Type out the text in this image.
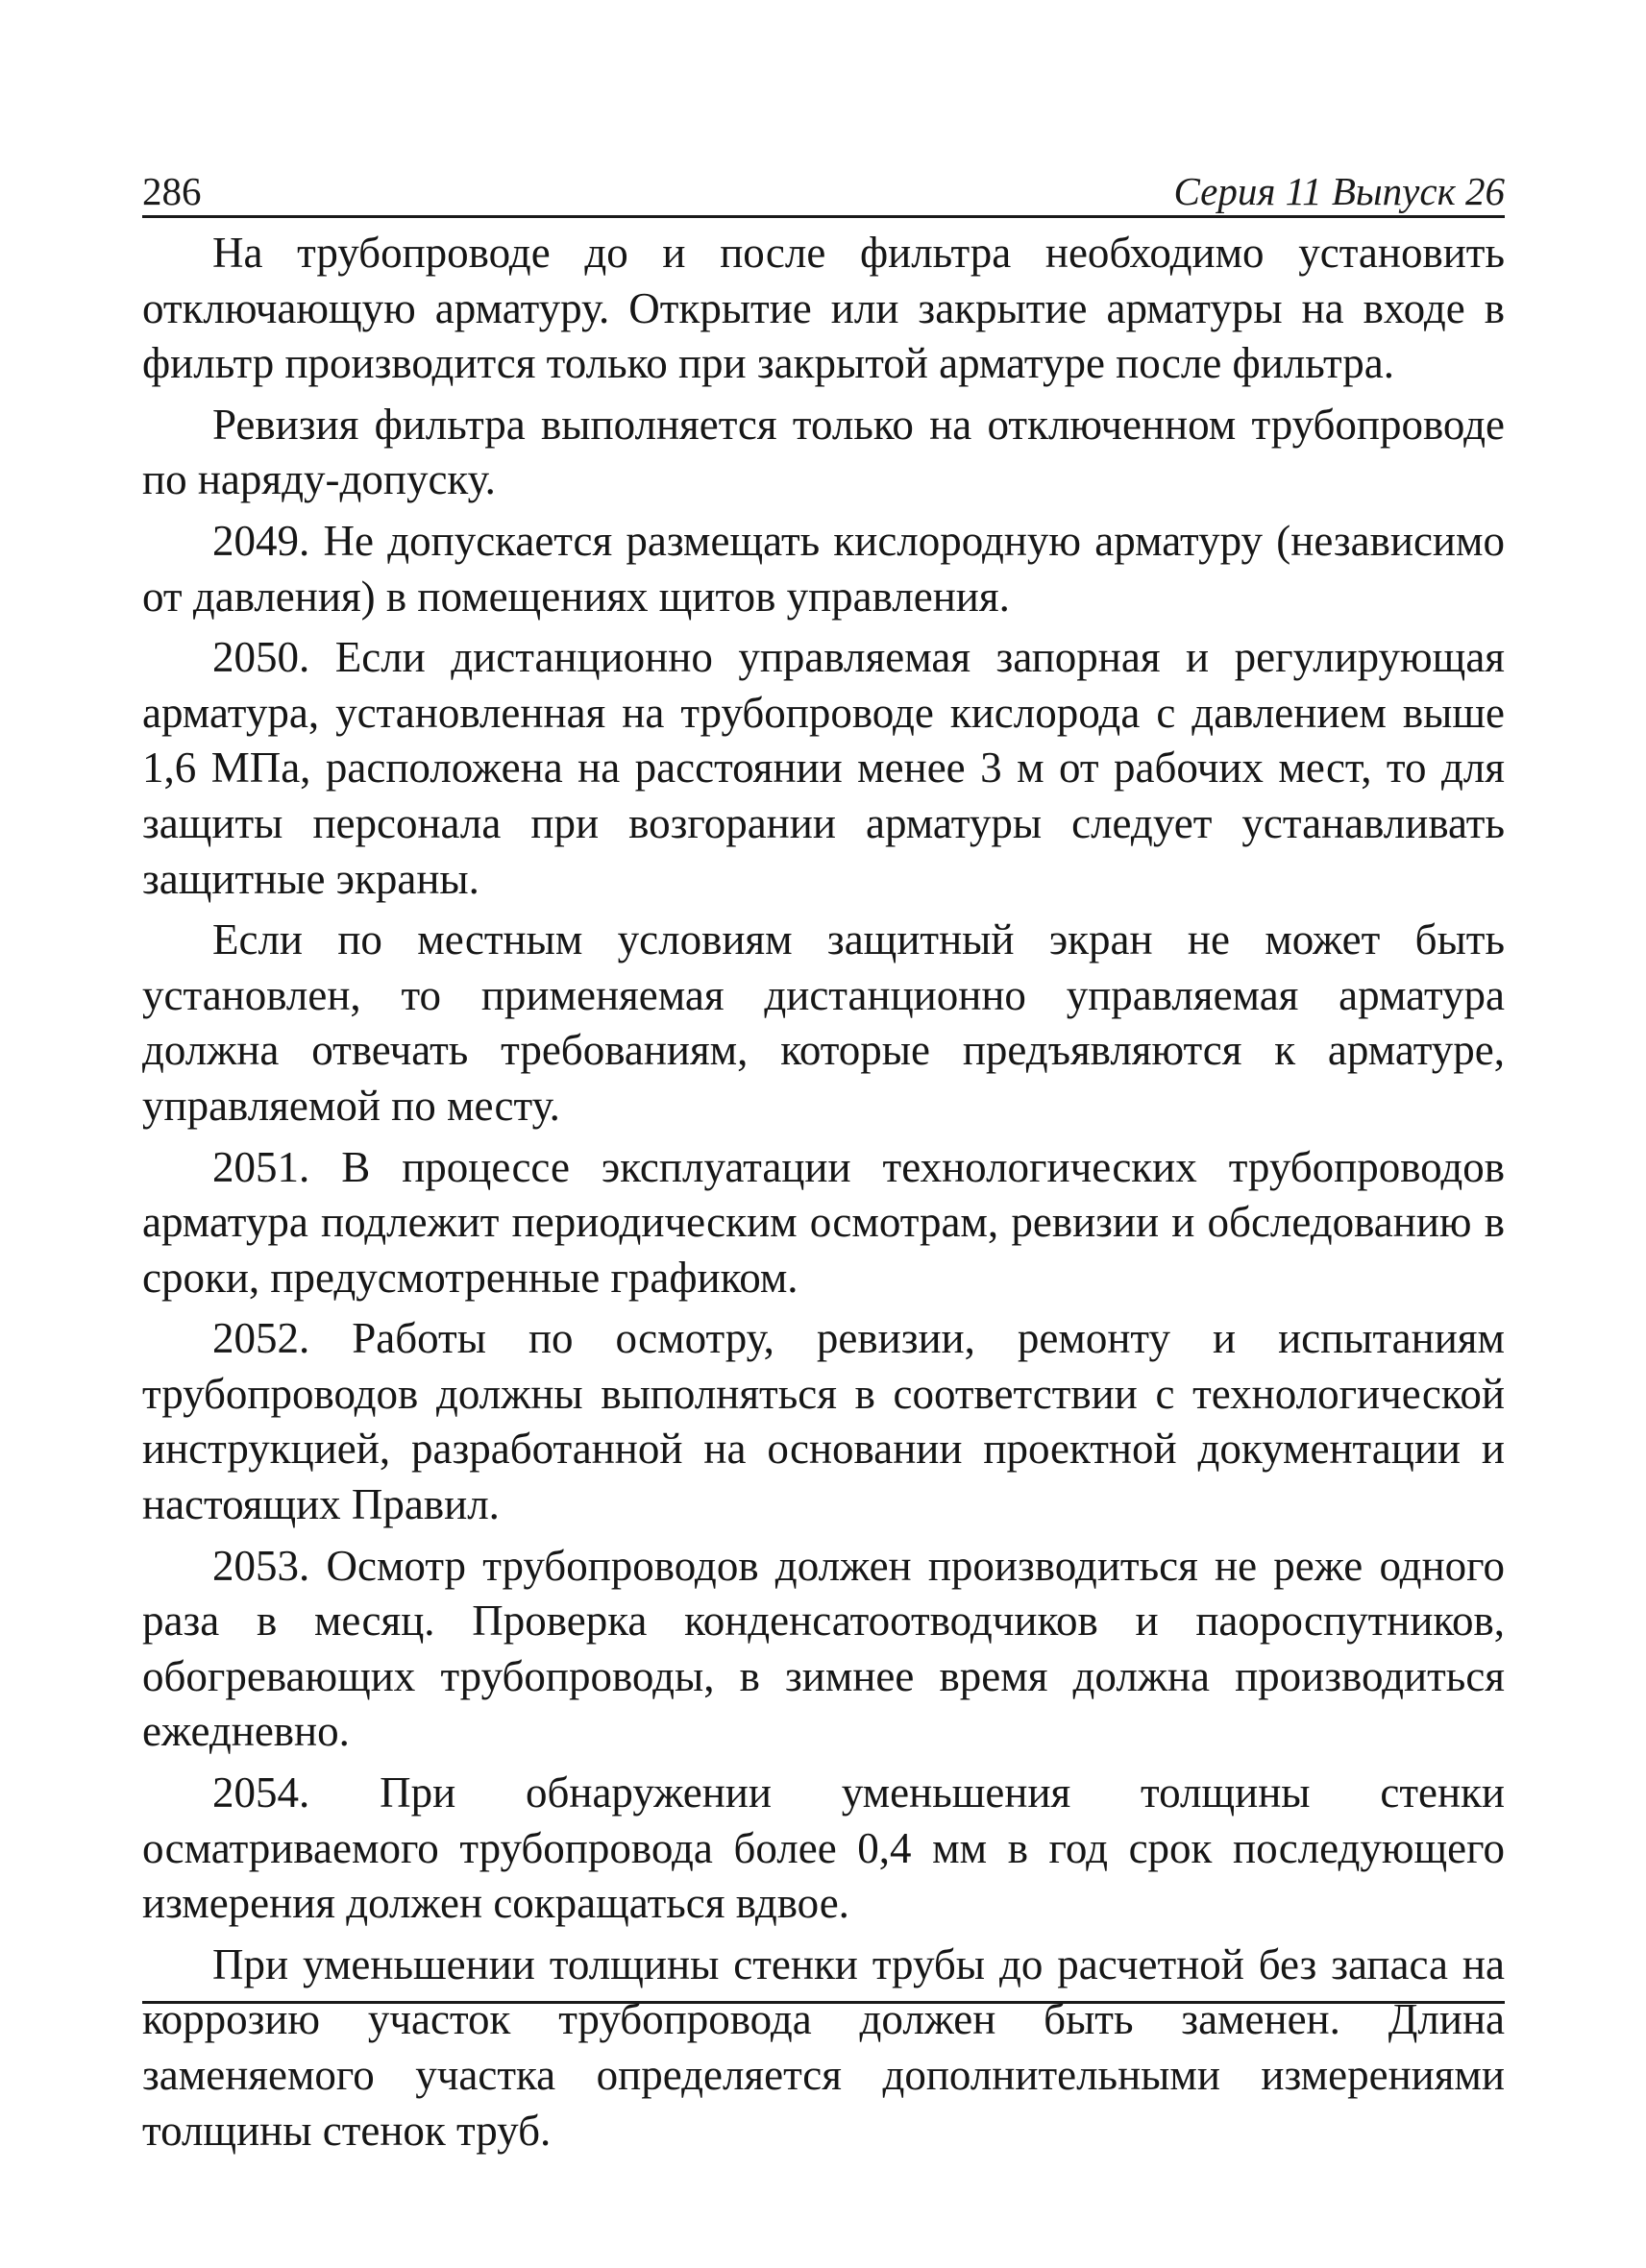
286	Серия 11 Выпуск 26

На трубопроводе до и после фильтра необходимо установить отключающую арматуру. Открытие или закрытие арматуры на входе в фильтр производится только при закрытой арматуре после фильтра.

Ревизия фильтра выполняется только на отключенном трубопроводе по наряду-допуску.

2049. Не допускается размещать кислородную арматуру (независимо от давления) в помещениях щитов управления.

2050. Если дистанционно управляемая запорная и регулирующая арматура, установленная на трубопроводе кислорода с давлением выше 1,6 МПа, расположена на расстоянии менее 3 м от рабочих мест, то для защиты персонала при возгорании арматуры следует устанавливать защитные экраны.

Если по местным условиям защитный экран не может быть установлен, то применяемая дистанционно управляемая арматура должна отвечать требованиям, которые предъявляются к арматуре, управляемой по месту.

2051. В процессе эксплуатации технологических трубопроводов арматура подлежит периодическим осмотрам, ревизии и обследованию в сроки, предусмотренные графиком.

2052. Работы по осмотру, ревизии, ремонту и испытаниям трубопроводов должны выполняться в соответствии с технологической инструкцией, разработанной на основании проектной документации и настоящих Правил.

2053. Осмотр трубопроводов должен производиться не реже одного раза в месяц. Проверка конденсатоотводчиков и паороспутников, обогревающих трубопроводы, в зимнее время должна производиться ежедневно.

2054. При обнаружении уменьшения толщины стенки осматриваемого трубопровода более 0,4 мм в год срок последующего измерения должен сокращаться вдвое.

При уменьшении толщины стенки трубы до расчетной без запаса на коррозию участок трубопровода должен быть заменен. Длина заменяемого участка определяется дополнительными измерениями толщины стенок труб.
